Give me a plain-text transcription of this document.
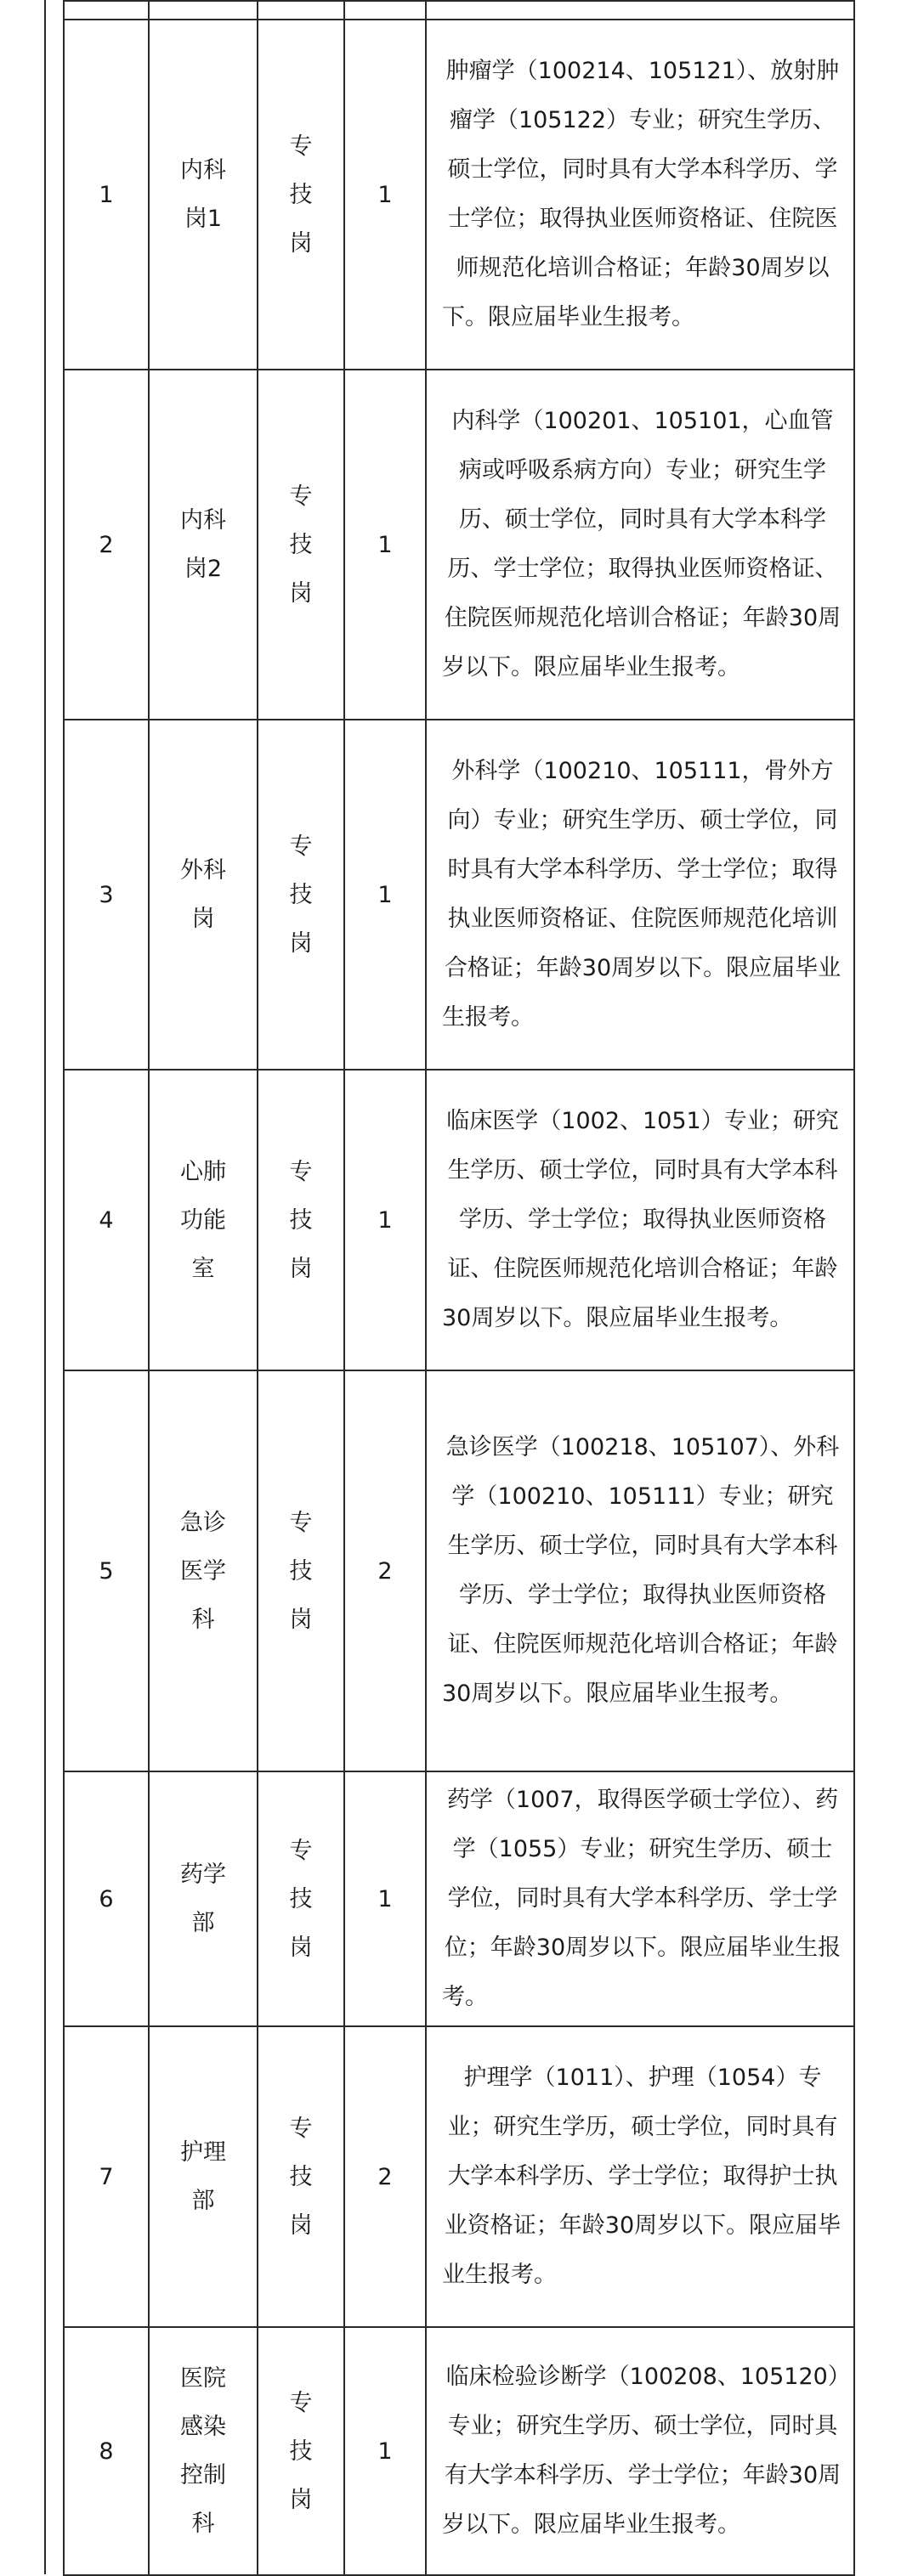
1	内科岗1	专技岗	1	肿瘤学（100214、105121）、放射肿瘤学（105122）专业；研究生学历、硕士学位，同时具有大学本科学历、学士学位；取得执业医师资格证、住院医师规范化培训合格证；年龄30周岁以下。限应届毕业生报考。
2	内科岗2	专技岗	1	内科学（100201、105101，心血管病或呼吸系病方向）专业；研究生学历、硕士学位，同时具有大学本科学历、学士学位；取得执业医师资格证、住院医师规范化培训合格证；年龄30周岁以下。限应届毕业生报考。
3	外科岗	专技岗	1	外科学（100210、105111，骨外方向）专业；研究生学历、硕士学位，同时具有大学本科学历、学士学位；取得执业医师资格证、住院医师规范化培训合格证；年龄30周岁以下。限应届毕业生报考。
4	心肺功能室	专技岗	1	临床医学（1002、1051）专业；研究生学历、硕士学位，同时具有大学本科学历、学士学位；取得执业医师资格证、住院医师规范化培训合格证；年龄30周岁以下。限应届毕业生报考。
5	急诊医学科	专技岗	2	急诊医学（100218、105107）、外科学（100210、105111）专业；研究生学历、硕士学位，同时具有大学本科学历、学士学位；取得执业医师资格证、住院医师规范化培训合格证；年龄30周岁以下。限应届毕业生报考。
6	药学部	专技岗	1	药学（1007，取得医学硕士学位）、药学（1055）专业；研究生学历、硕士学位，同时具有大学本科学历、学士学位；年龄30周岁以下。限应届毕业生报考。
7	护理部	专技岗	2	护理学（1011）、护理（1054）专业；研究生学历，硕士学位，同时具有大学本科学历、学士学位；取得护士执业资格证；年龄30周岁以下。限应届毕业生报考。
8	医院感染控制科	专技岗	1	临床检验诊断学（100208、105120）专业；研究生学历、硕士学位，同时具有大学本科学历、学士学位；年龄30周岁以下。限应届毕业生报考。
